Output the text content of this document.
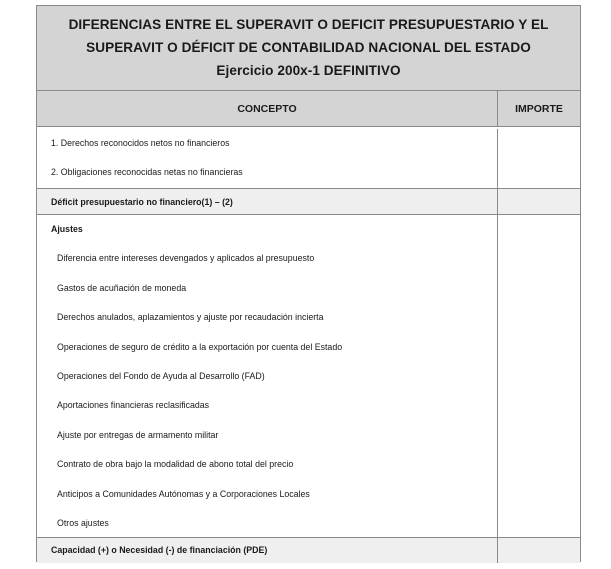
DIFERENCIAS ENTRE EL SUPERAVIT O DEFICIT PRESUPUESTARIO Y EL
SUPERAVIT O DÉFICIT DE CONTABILIDAD NACIONAL DEL ESTADO
Ejercicio 200x-1 DEFINITIVO
CONCEPTO	IMPORTE
1. Derechos reconocidos netos no financieros
2. Obligaciones reconocidas netas no financieras
Déficit presupuestario no financiero(1) – (2)
Ajustes
Diferencia entre intereses devengados y aplicados al presupuesto
Gastos de acuñación de moneda
Derechos anulados, aplazamientos y ajuste por recaudación incierta
Operaciones de seguro de crédito a la exportación por cuenta del Estado
Operaciones del Fondo de Ayuda al Desarrollo (FAD)
Aportaciones financieras reclasificadas
Ajuste por entregas de armamento militar
Contrato de obra bajo la modalidad de abono total del precio
Anticipos a Comunidades Autónomas y a Corporaciones Locales
Otros ajustes
Capacidad (+) o Necesidad (-) de financiación (PDE)
